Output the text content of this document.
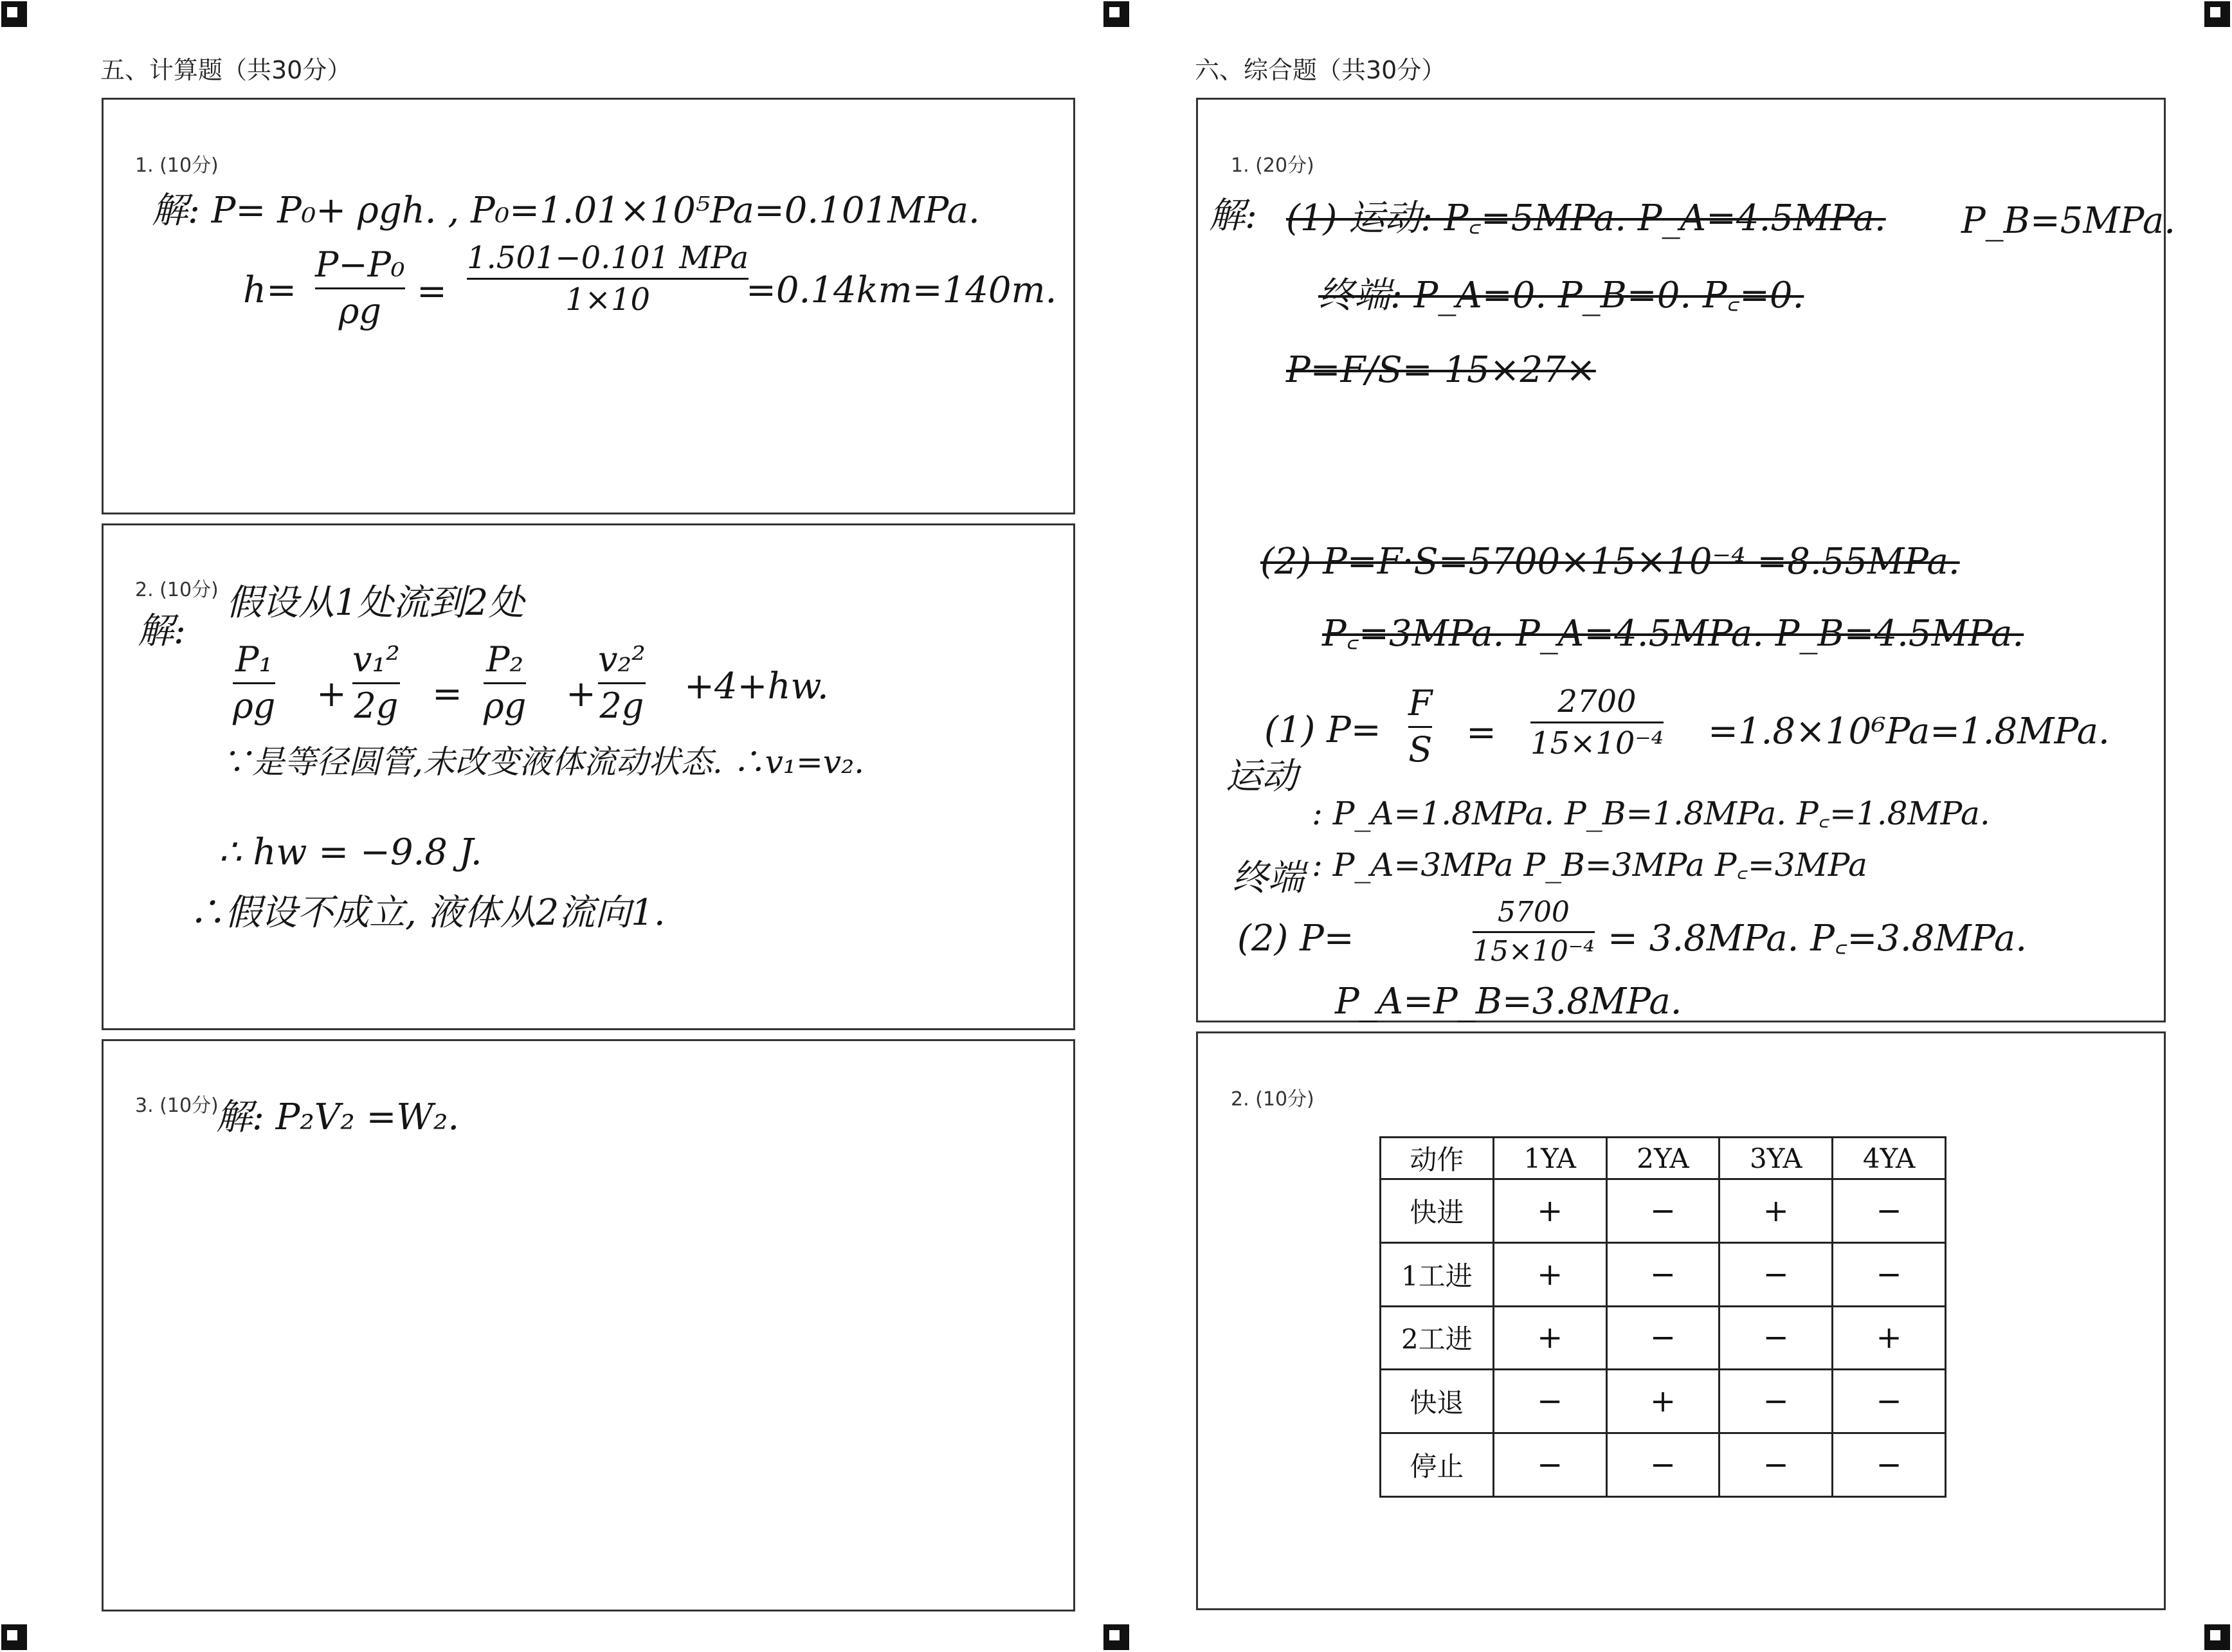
五、计算题（共30分）
1. (10分)
解: P= P₀+ ρgh. , P₀=1.01×10⁵Pa=0.101MPa.
h=
P−P₀
ρg =
1.501−0.101 MPa
1×10	=0.14km=140m.
2. (10分)
解:
假设从1处流到2处
P₁
ρg +
v₁²
2g =
P₂
ρg +
v₂²
2g +4+hw.
∵是等径圆管,未改变液体流动状态. ∴v₁=v₂.
∴ hw = −9.8 J.
∴假设不成立, 液体从2流向1.
3. (10分)
解: P₂V₂ =W₂.
六、综合题（共30分）
1. (20分)
(1) 运动: P꜀=5MPa. P_A=4.5MPa.
终端: P_A=0. P_B=0. P꜀=0.
P=F/S= 15×27×
(2) P=F·S=5700×15×10⁻⁴ =8.55MPa.
P꜀=3MPa. P_A=4.5MPa. P_B=4.5MPa.
解:	P_B=5MPa.
(1) P=
F
S =
2700
15×10⁻⁴ =1.8×10⁶Pa=1.8MPa.
运动
: P_A=1.8MPa. P_B=1.8MPa. P꜀=1.8MPa.
终端 : P_A=3MPa P_B=3MPa P꜀=3MPa
(2) P=
5700
15×10⁻⁴ = 3.8MPa. P꜀=3.8MPa.
P_A=P_B=3.8MPa.
2. (10分)
动作	1YA	2YA	3YA	4YA
快进	+	−	+	−
1工进	+	−	−	−
2工进	+	−	−	+
快退	−	+	−	−
停止	−	−	−	−
